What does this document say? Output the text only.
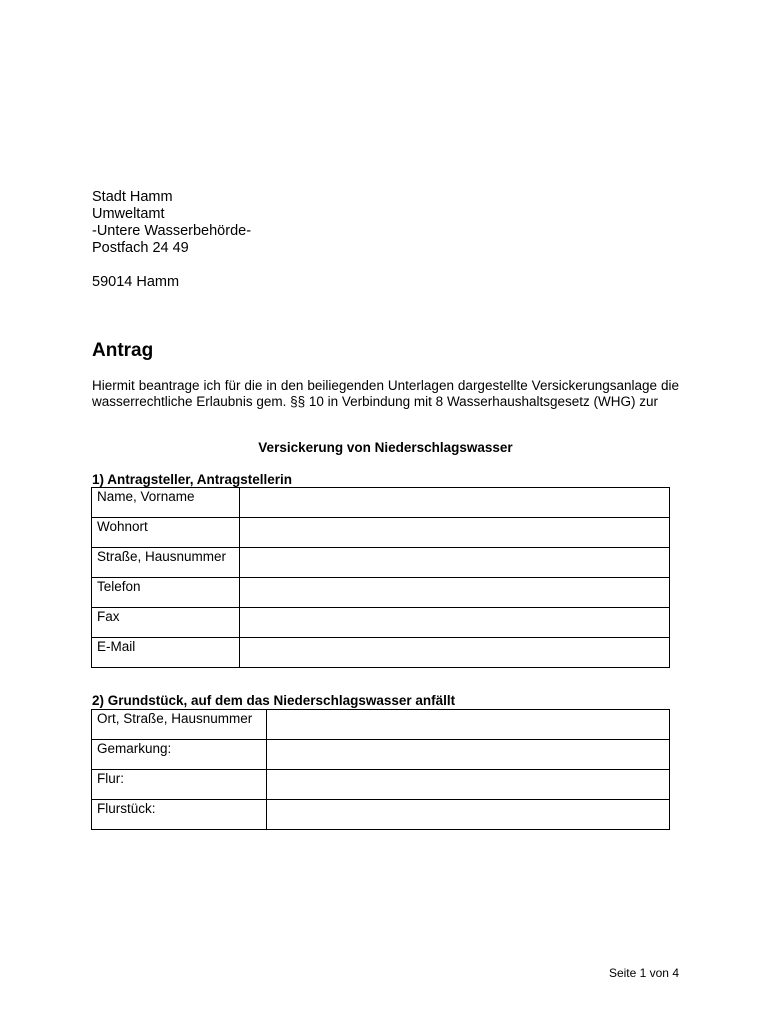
Stadt Hamm
Umweltamt
-Untere Wasserbehörde-
Postfach 24 49
59014 Hamm
Antrag

Hiermit beantrage ich für die in den beiliegenden Unterlagen dargestellte Versickerungsanlage die wasserrechtliche Erlaubnis gem. §§ 10 in Verbindung mit 8 Wasserhaushaltsgesetz (WHG) zur

Versickerung von Niederschlagswasser

1) Antragsteller, Antragstellerin

Name, Vorname	
Wohnort	
Straße, Hausnummer	
Telefon	
Fax	
E-Mail	

2) Grundstück, auf dem das Niederschlagswasser anfällt

Ort, Straße, Hausnummer	
Gemarkung:	
Flur:	
Flurstück:	
Seite 1 von 4
